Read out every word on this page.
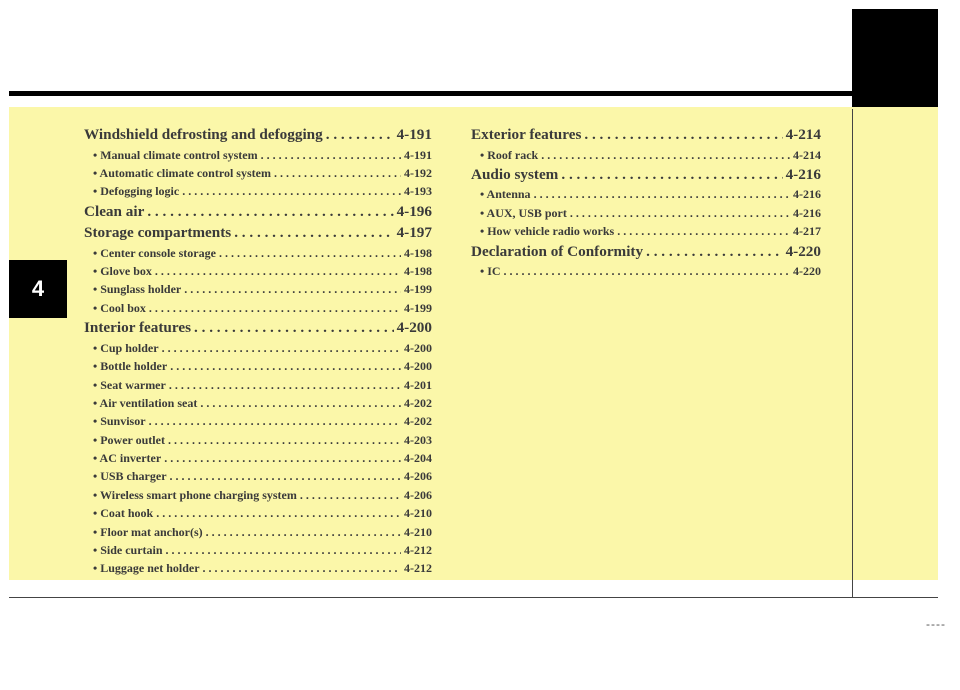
4
Windshield defrosting and defogging . . .	4-191
• Manual climate control system . . .	4-191
• Automatic climate control system . . .	4-192
• Defogging logic . . .	4-193
Clean air . . .	4-196
Storage compartments . . .	4-197
• Center console storage . . .	4-198
• Glove box . . .	4-198
• Sunglass holder . . .	4-199
• Cool box . . .	4-199
Interior features . . .	4-200
• Cup holder . . .	4-200
• Bottle holder . . .	4-200
• Seat warmer . . .	4-201
• Air ventilation seat . . .	4-202
• Sunvisor . . .	4-202
• Power outlet . . .	4-203
• AC inverter . . .	4-204
• USB charger . . .	4-206
• Wireless smart phone charging system . . .	4-206
• Coat hook . . .	4-210
• Floor mat anchor(s) . . .	4-210
• Side curtain . . .	4-212
• Luggage net holder . . .	4-212
Exterior features . . .	4-214
• Roof rack . . .	4-214
Audio system . . .	4-216
• Antenna . . .	4-216
• AUX, USB port . . .	4-216
• How vehicle radio works . . .	4-217
Declaration of Conformity . . .	4-220
• IC . . .	4-220
----
